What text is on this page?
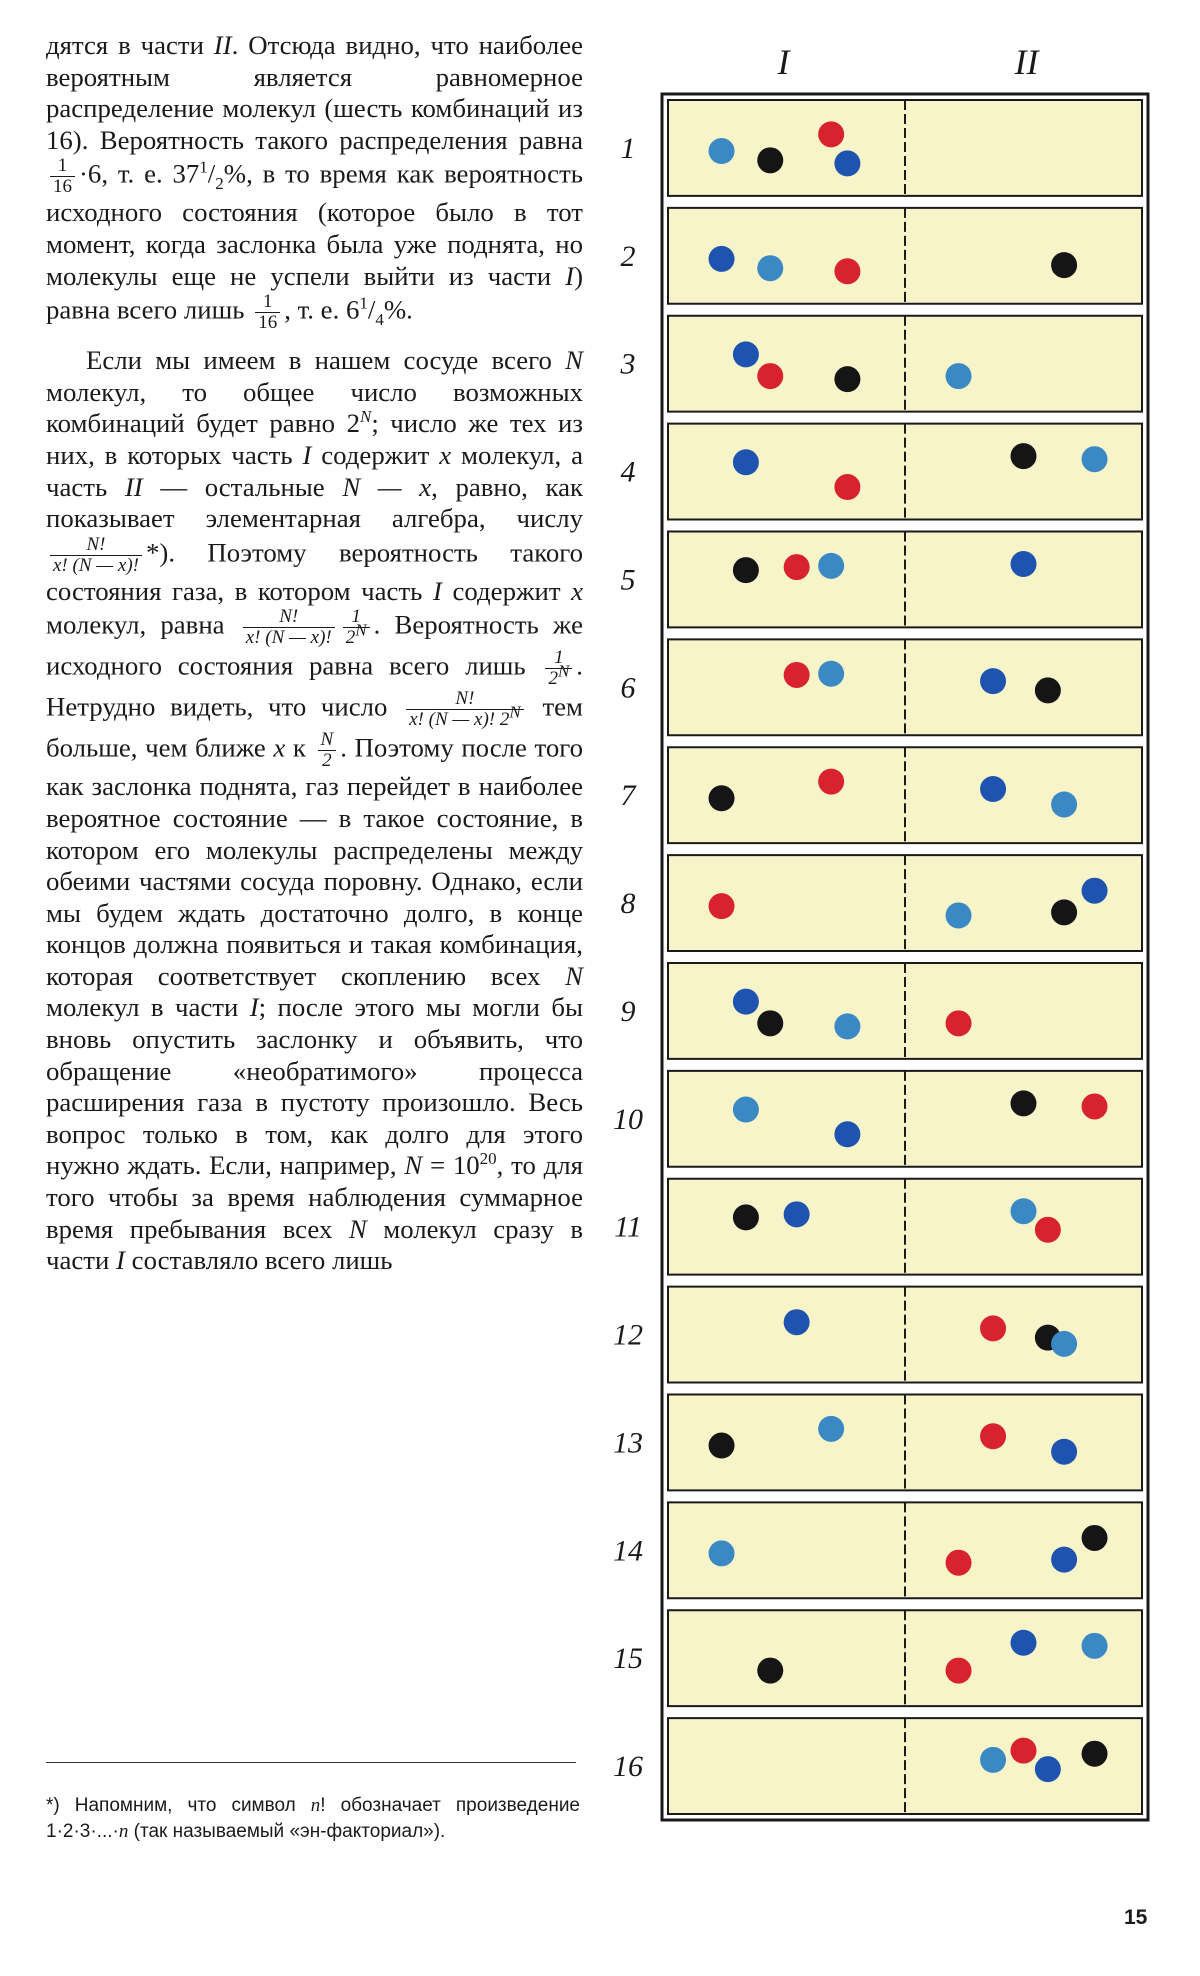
дятся в части II. Отсюда видно, что наиболее вероятным является равномерное распределение молекул (шесть комбинаций из 16). Вероятность такого распределения равна
$\frac{1}{16} \cdot 6$, т. е. $37^1/_2\%$, в то время как вероятность исходного состояния (которое было в тот момент, когда заслонка была уже поднята, но молекулы еще не успели выйти из части I) равна всего лишь $\frac{1}{16}$ , т. е. $6^1/_4\%$.

Если мы имеем в нашем сосуде всего N молекул, то общее число возможных комбинаций будет равно $2^N$; число же тех из них, в которых часть I содержит x молекул, а часть II — остальные N — x, равно, как показывает элементарная алгебра, числу
$\frac{N!}{x! (N — x)!}$ *). Поэтому вероятность такого состояния газа, в котором часть I содержит x молекул, равна $\frac{N!}{x! (N — x)!} \frac{1}{2^N}$ . Вероятность же исходного состояния равна всего лишь $\frac{1}{2^N}$ . Нетрудно видеть, что число $\frac{N!}{x! (N — x)! 2^N}$ тем больше, чем ближе x к $\frac{N}{2}$ . Поэтому после того как заслонка поднята, газ перейдет в наиболее вероятное состояние — в такое состояние, в котором его молекулы распределены между обеими частями сосуда поровну. Однако, если мы будем ждать достаточно долго, в конце концов должна появиться и такая комбинация, которая соответствует скоплению всех N молекул в части I; после этого мы могли бы вновь опустить заслонку и объявить, что обращение «необратимого» процесса расширения газа в пустоту произошло. Весь вопрос только в том, как долго для этого нужно ждать. Если, например, $N = 10^{20}$, то для того чтобы за время наблюдения суммарное время пребывания всех N молекул сразу в части I составляло всего лишь

*) Напомним, что символ n! обозначает произведение 1·2·3·...·n (так называемый «эн-факториал»).
15
I	II
1
2
3
4
5
6
7
8
9
10
11
12
13
14
15
16
